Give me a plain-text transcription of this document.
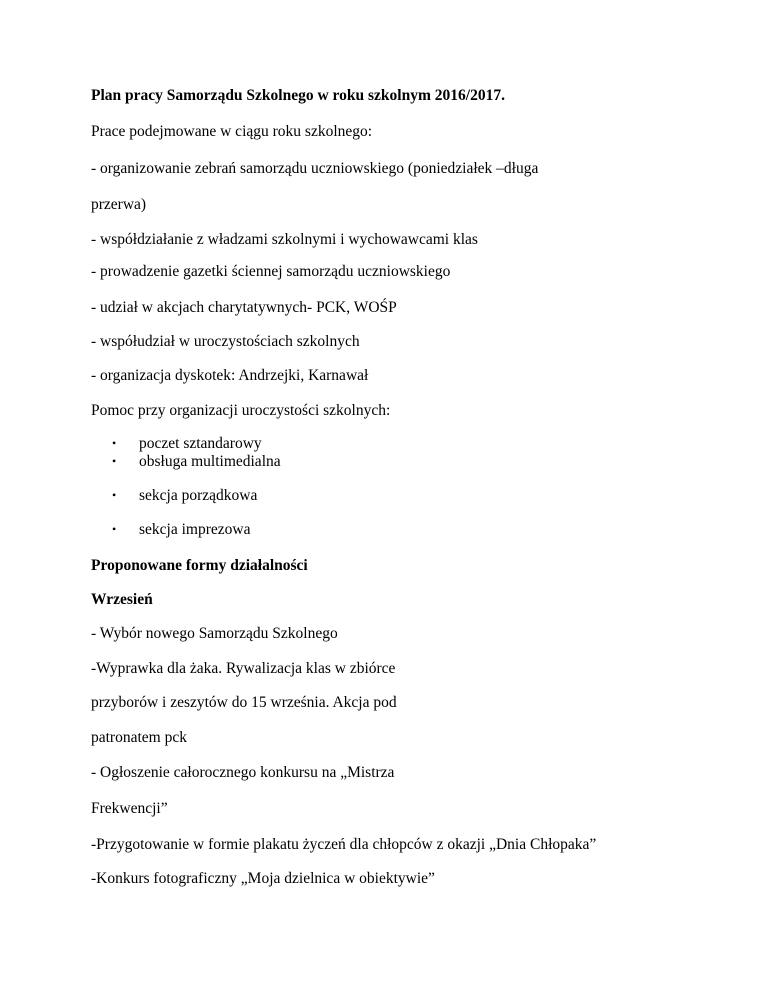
Plan pracy Samorządu Szkolnego w roku szkolnym 2016/2017.
Prace podejmowane w ciągu roku szkolnego:
- organizowanie zebrań samorządu uczniowskiego (poniedziałek –długa
przerwa)
- współdziałanie z władzami szkolnymi i wychowawcami klas
- prowadzenie gazetki ściennej samorządu uczniowskiego
- udział w akcjach charytatywnych- PCK, WOŚP
- współudział w uroczystościach szkolnych
- organizacja dyskotek: Andrzejki, Karnawał
Pomoc przy organizacji uroczystości szkolnych:
• poczet sztandarowy
• obsługa multimedialna
• sekcja porządkowa
• sekcja imprezowa
Proponowane formy działalności
Wrzesień
- Wybór nowego Samorządu Szkolnego
-Wyprawka dla żaka. Rywalizacja klas w zbiórce
przyborów i zeszytów do 15 września. Akcja pod
patronatem pck
- Ogłoszenie całorocznego konkursu na „Mistrza
Frekwencji”
-Przygotowanie w formie plakatu życzeń dla chłopców z okazji „Dnia Chłopaka”
-Konkurs fotograficzny „Moja dzielnica w obiektywie”
